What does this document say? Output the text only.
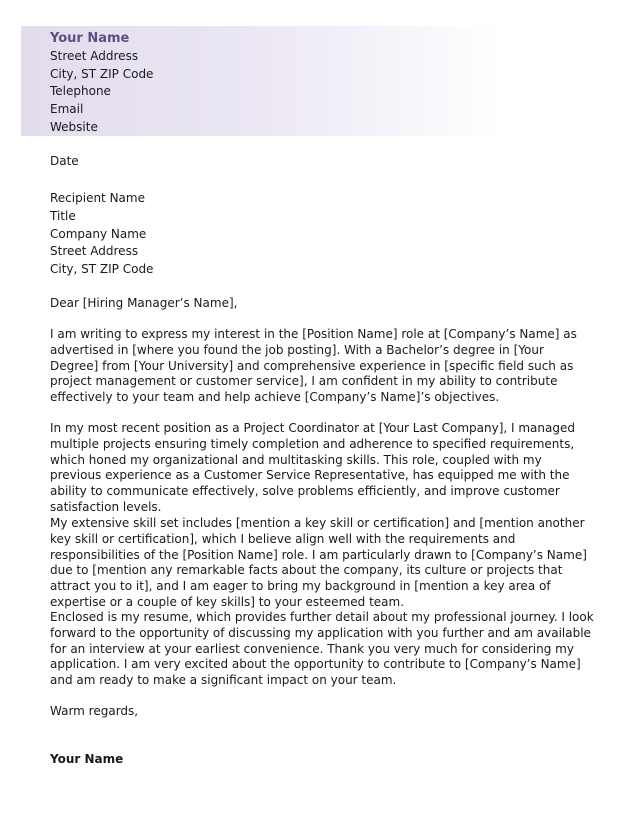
Your Name
Street Address
City, ST ZIP Code
Telephone
Email
Website
Date
Recipient Name
Title
Company Name
Street Address
City, ST ZIP Code
Dear [Hiring Manager’s Name],
I am writing to express my interest in the [Position Name] role at [Company’s Name] as advertised in [where you found the job posting]. With a Bachelor’s degree in [Your Degree] from [Your University] and comprehensive experience in [specific field such as project management or customer service], I am confident in my ability to contribute effectively to your team and help achieve [Company’s Name]’s objectives.
In my most recent position as a Project Coordinator at [Your Last Company], I managed multiple projects ensuring timely completion and adherence to specified requirements, which honed my organizational and multitasking skills. This role, coupled with my previous experience as a Customer Service Representative, has equipped me with the ability to communicate effectively, solve problems efficiently, and improve customer satisfaction levels.
My extensive skill set includes [mention a key skill or certification] and [mention another key skill or certification], which I believe align well with the requirements and responsibilities of the [Position Name] role. I am particularly drawn to [Company’s Name] due to [mention any remarkable facts about the company, its culture or projects that attract you to it], and I am eager to bring my background in [mention a key area of expertise or a couple of key skills] to your esteemed team.
Enclosed is my resume, which provides further detail about my professional journey. I look forward to the opportunity of discussing my application with you further and am available for an interview at your earliest convenience. Thank you very much for considering my application. I am very excited about the opportunity to contribute to [Company’s Name] and am ready to make a significant impact on your team.
Warm regards,
Your Name
